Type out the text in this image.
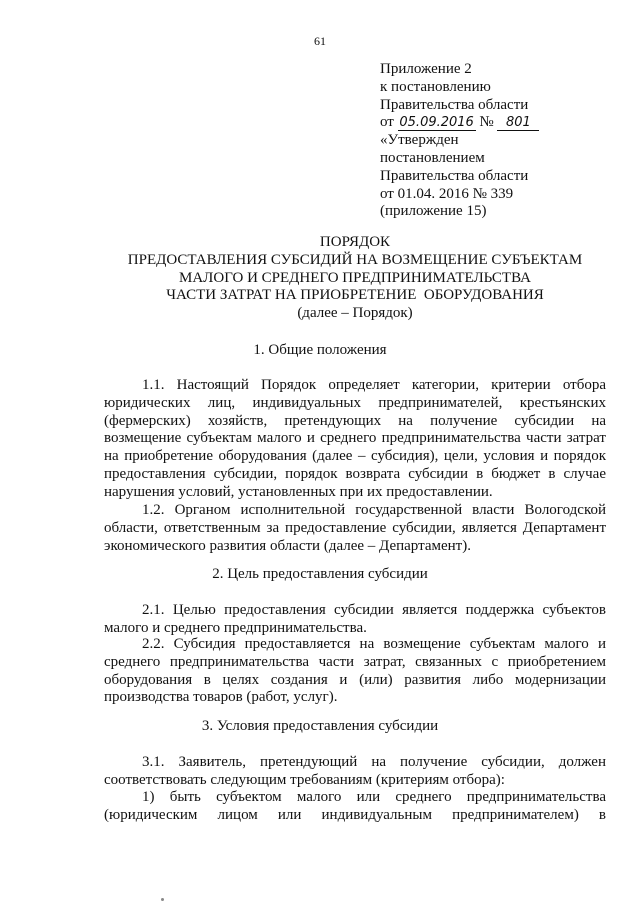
61
Приложение 2
к постановлению
Правительства области
от 05.09.2016 № 801
«Утвержден
постановлением
Правительства области
от 01.04. 2016 № 339
(приложение 15)
ПОРЯДОК
ПРЕДОСТАВЛЕНИЯ СУБСИДИЙ НА ВОЗМЕЩЕНИЕ СУБЪЕКТАМ
МАЛОГО И СРЕДНЕГО ПРЕДПРИНИМАТЕЛЬСТВА
ЧАСТИ ЗАТРАТ НА ПРИОБРЕТЕНИЕ  ОБОРУДОВАНИЯ
(далее – Порядок)
1. Общие положения

1.1. Настоящий Порядок определяет категории, критерии отбора юридических лиц, индивидуальных предпринимателей, крестьянских (фермерских) хозяйств, претендующих на получение субсидии на возмещение субъектам малого и среднего предпринимательства части затрат на приобретение оборудования (далее – субсидия), цели, условия и порядок предоставления субсидии, порядок возврата субсидии в бюджет в случае нарушения условий, установленных при их предоставлении.

1.2. Органом исполнительной государственной власти Вологодской области, ответственным за предоставление субсидии, является Департамент экономического развития области (далее – Департамент).

2. Цель предоставления субсидии

2.1. Целью предоставления субсидии является поддержка субъектов малого и среднего предпринимательства.

2.2. Субсидия предоставляется на возмещение субъектам малого и среднего предпринимательства части затрат, связанных с приобретением оборудования в целях создания и (или) развития либо модернизации производства товаров (работ, услуг).

3. Условия предоставления субсидии

3.1. Заявитель, претендующий на получение субсидии, должен соответствовать следующим требованиям (критериям отбора):

1) быть субъектом малого или среднего предпринимательства (юридическим лицом или индивидуальным предпринимателем) в
